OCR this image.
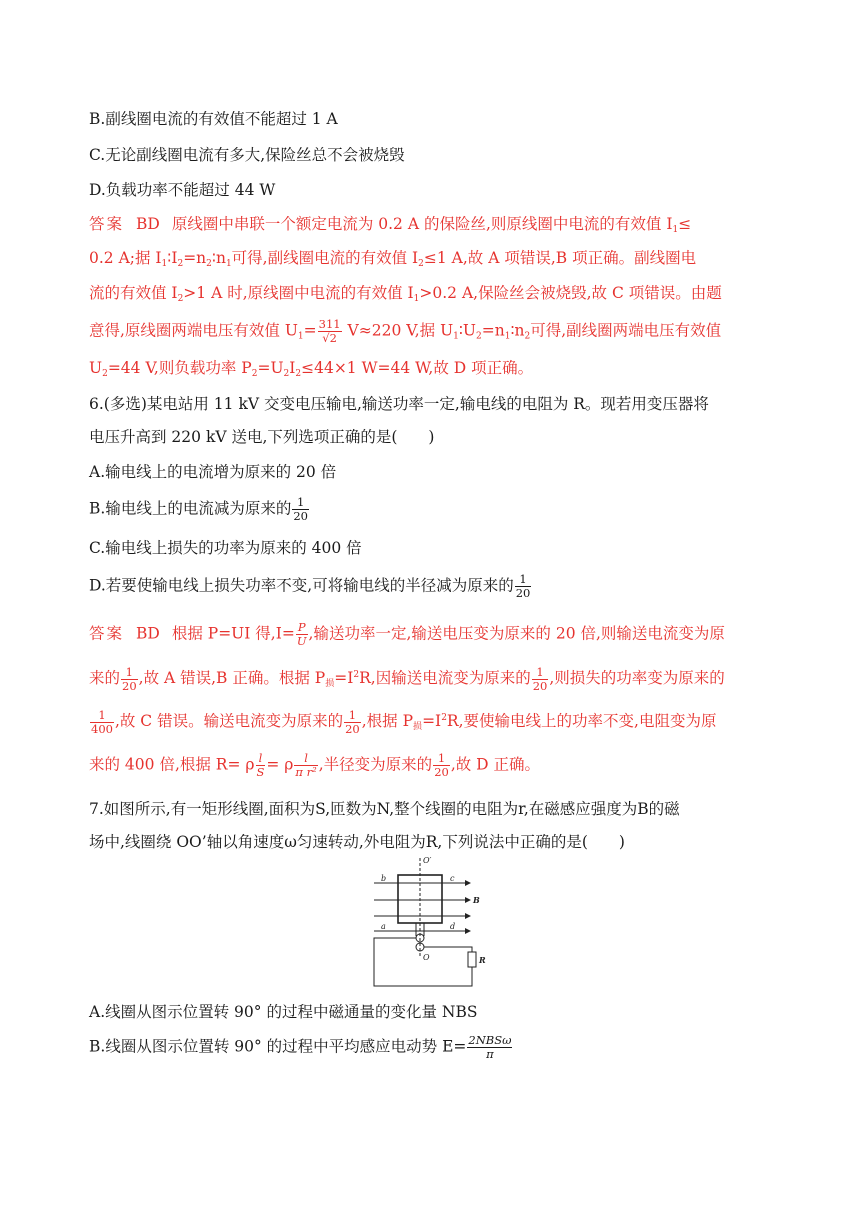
B.副线圈电流的有效值不能超过 1 A
C.无论副线圈电流有多大,保险丝总不会被烧毁
D.负载功率不能超过 44 W
答案 BD 原线圈中串联一个额定电流为 0.2 A 的保险丝,则原线圈中电流的有效值 $I_1\le$
0.2 A;据 $I_1∶I_2=n_2∶n_1$可得,副线圈电流的有效值 $I_2\le 1$ A,故 A 项错误,B 项正确。副线圈电
流的有效值 $I_2>1$ A 时,原线圈中电流的有效值 $I_1>0.2$ A,保险丝会被烧毁,故 C 项错误。由题
意得,原线圈两端电压有效值 $U_1= \frac{311}{√2} V\approx 220$ V,据 $U_1∶U_2=n_1∶n_2$可得,副线圈两端电压有效值
$U_2=44$ V,则负载功率 $P_2=U_2I_2\le 44\times 1$ W=44 W,故 D 项正确。
6.(多选)某电站用 11 kV 交变电压输电,输送功率一定,输电线的电阻为 R。现若用变压器将
电压升高到 220 kV 送电,下列选项正确的是(　　)
A.输电线上的电流增为原来的 20 倍
B.输电线上的电流减为原来的 $\frac{1}{20}$
C.输电线上损失的功率为原来的 400 倍
D.若要使输电线上损失功率不变,可将输电线的半径减为原来的 $\frac{1}{20}$
答案 BD 根据 P=UI 得$,I= \frac{P}{U}$ ,输送功率一定,输送电压变为原来的 20 倍,则输送电流变为原
来的 $\frac{1}{20}$ ,故 A 错误,B 正确。根据 $P_损=I^2R$,因输送电流变为原来的 $\frac{1}{20}$ ,则损失的功率变为原来的
$\frac{1}{400}$ ,故 C 错误。输送电流变为原来的 $\frac{1}{20}$ ,根据 $P_损=I^2R$,要使输电线上的功率不变,电阻变为原
来的 400 倍,根据 R= ρ $\frac{l}{S} = \rho \frac{l}{\text{π r²}}$ ,半径变为原来的 $\frac{1}{20}$ ,故 D 正确。
7.如图所示,有一矩形线圈,面积为S,匝数为N,整个线圈的电阻为r,在磁感应强度为B的磁
场中,线圈绕 OO’轴以角速度ω匀速转动,外电阻为R,下列说法中正确的是(　　)
O′
O
a
b	c
d
B
R
A.线圈从图示位置转 90° 的过程中磁通量的变化量 NBS
B.线圈从图示位置转 90° 的过程中平均感应电动势 $E= \frac{\text{2NBSω}}{\pi}$
